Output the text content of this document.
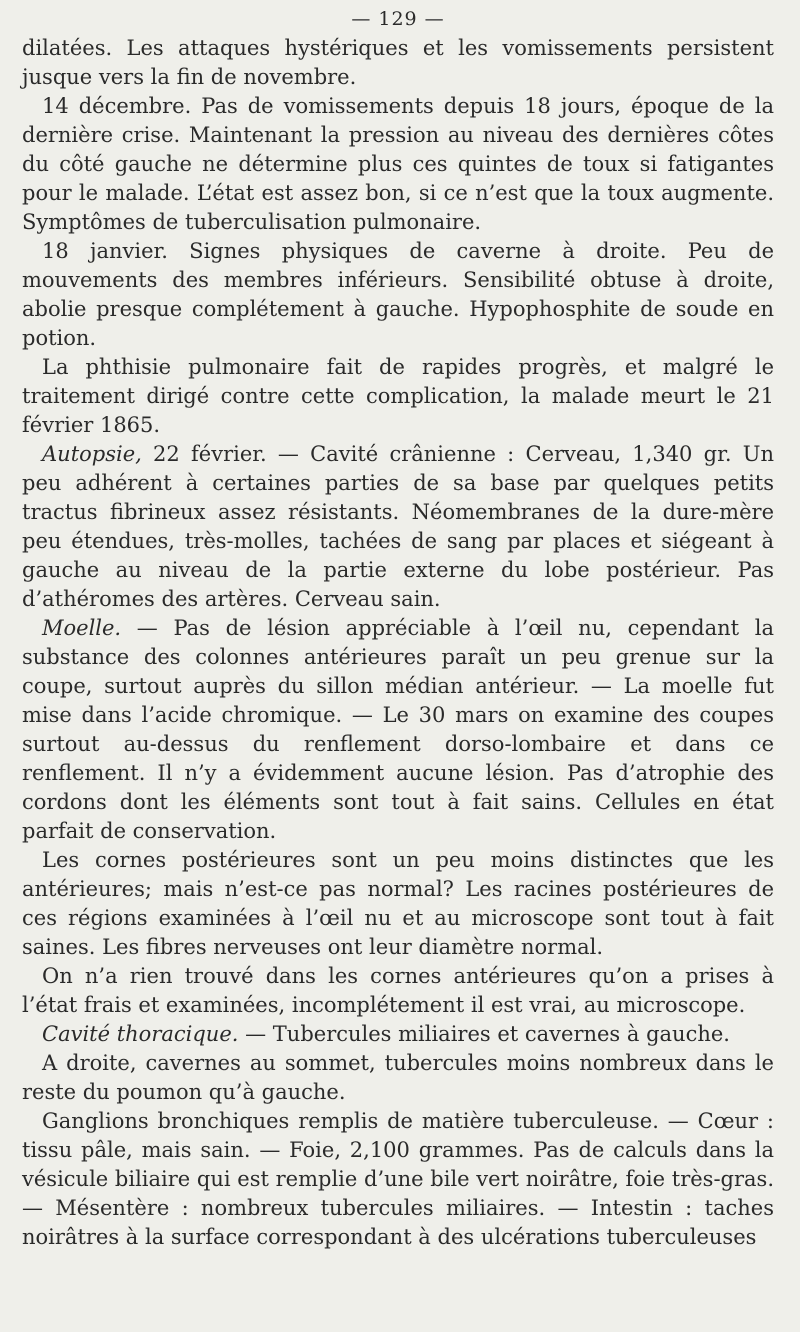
— 129 —

dilatées. Les attaques hystériques et les vomissements persistent jusque vers la fin de novembre.

14 décembre. Pas de vomissements depuis 18 jours, époque de la dernière crise. Maintenant la pression au niveau des dernières côtes du côté gauche ne détermine plus ces quintes de toux si fatigantes pour le malade. L’état est assez bon, si ce n’est que la toux augmente. Symptômes de tuberculisation pulmonaire.

18 janvier. Signes physiques de caverne à droite. Peu de mouvements des membres inférieurs. Sensibilité obtuse à droite, abolie presque complétement à gauche. Hypophosphite de soude en potion.

La phthisie pulmonaire fait de rapides progrès, et malgré le traitement dirigé contre cette complication, la malade meurt le 21 février 1865.

Autopsie, 22 février. — Cavité crânienne : Cerveau, 1,340 gr. Un peu adhérent à certaines parties de sa base par quelques petits tractus fibrineux assez résistants. Néomembranes de la dure-mère peu étendues, très-molles, tachées de sang par places et siégeant à gauche au niveau de la partie externe du lobe postérieur. Pas d’athéromes des artères. Cerveau sain.

Moelle. — Pas de lésion appréciable à l’œil nu, cependant la substance des colonnes antérieures paraît un peu grenue sur la coupe, surtout auprès du sillon médian antérieur. — La moelle fut mise dans l’acide chromique. — Le 30 mars on examine des coupes surtout au-dessus du renflement dorso-lombaire et dans ce renflement. Il n’y a évidemment aucune lésion. Pas d’atrophie des cordons dont les éléments sont tout à fait sains. Cellules en état parfait de conservation.

Les cornes postérieures sont un peu moins distinctes que les antérieures; mais n’est-ce pas normal? Les racines postérieures de ces régions examinées à l’œil nu et au microscope sont tout à fait saines. Les fibres nerveuses ont leur diamètre normal.

On n’a rien trouvé dans les cornes antérieures qu’on a prises à l’état frais et examinées, incomplétement il est vrai, au microscope.

Cavité thoracique. — Tubercules miliaires et cavernes à gauche.

A droite, cavernes au sommet, tubercules moins nombreux dans le reste du poumon qu’à gauche.

Ganglions bronchiques remplis de matière tuberculeuse. — Cœur : tissu pâle, mais sain. — Foie, 2,100 grammes. Pas de calculs dans la vésicule biliaire qui est remplie d’une bile vert noirâtre, foie très-gras. — Mésentère : nombreux tubercules miliaires. — Intestin : taches noirâtres à la surface correspondant à des ulcérations tuberculeuses
